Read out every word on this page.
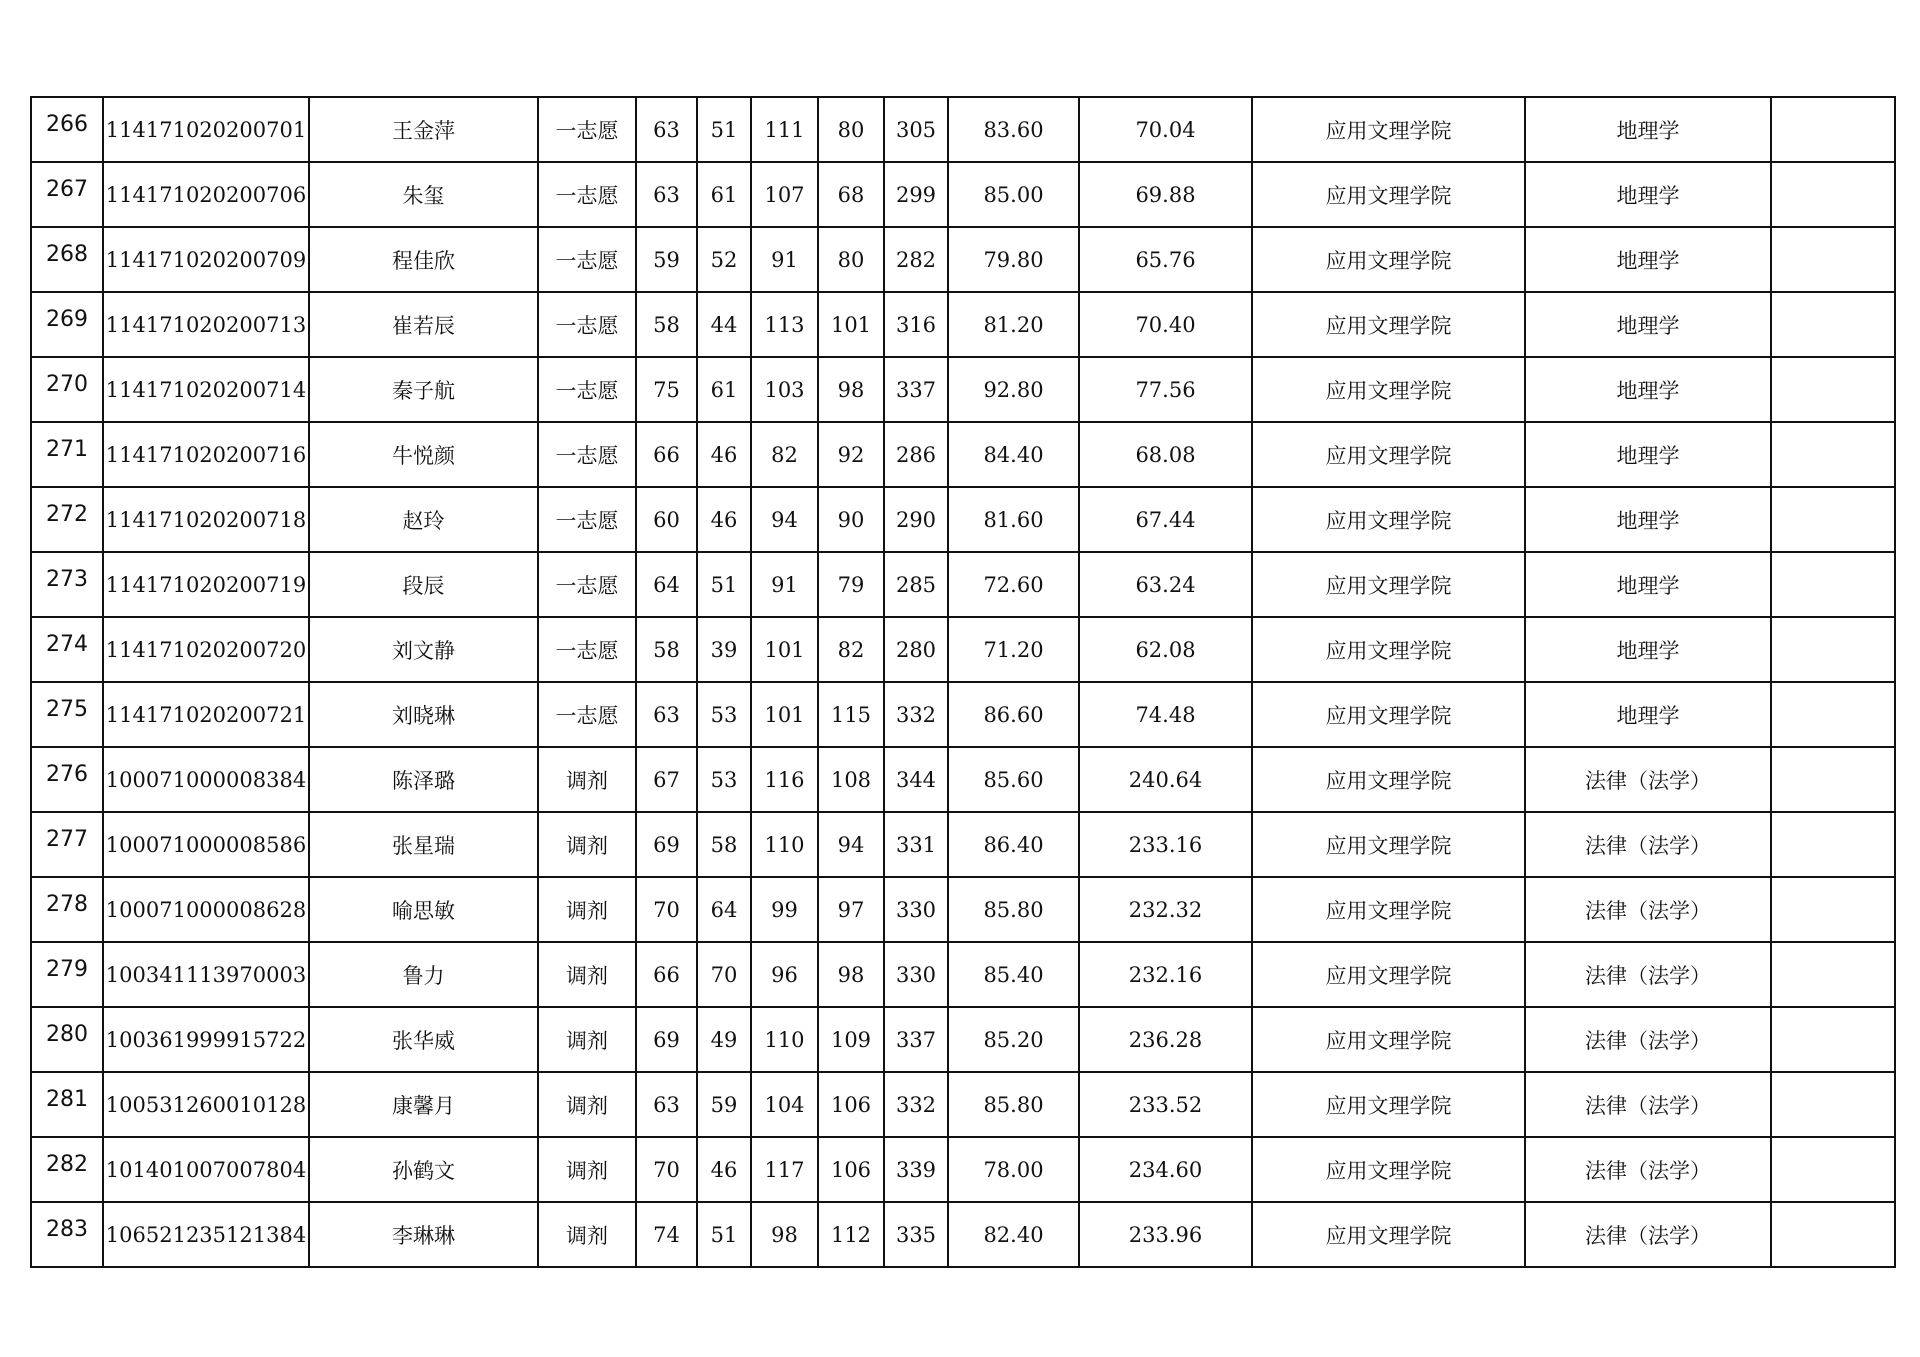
266	114171020200701	王金萍	一志愿	63	51	111	80	305	83.60	70.04	应用文理学院	地理学	
267	114171020200706	朱玺	一志愿	63	61	107	68	299	85.00	69.88	应用文理学院	地理学	
268	114171020200709	程佳欣	一志愿	59	52	91	80	282	79.80	65.76	应用文理学院	地理学	
269	114171020200713	崔若辰	一志愿	58	44	113	101	316	81.20	70.40	应用文理学院	地理学	
270	114171020200714	秦子航	一志愿	75	61	103	98	337	92.80	77.56	应用文理学院	地理学	
271	114171020200716	牛悦颜	一志愿	66	46	82	92	286	84.40	68.08	应用文理学院	地理学	
272	114171020200718	赵玲	一志愿	60	46	94	90	290	81.60	67.44	应用文理学院	地理学	
273	114171020200719	段辰	一志愿	64	51	91	79	285	72.60	63.24	应用文理学院	地理学	
274	114171020200720	刘文静	一志愿	58	39	101	82	280	71.20	62.08	应用文理学院	地理学	
275	114171020200721	刘晓琳	一志愿	63	53	101	115	332	86.60	74.48	应用文理学院	地理学	
276	100071000008384	陈泽璐	调剂	67	53	116	108	344	85.60	240.64	应用文理学院	法律（法学）	
277	100071000008586	张星瑞	调剂	69	58	110	94	331	86.40	233.16	应用文理学院	法律（法学）	
278	100071000008628	喻思敏	调剂	70	64	99	97	330	85.80	232.32	应用文理学院	法律（法学）	
279	100341113970003	鲁力	调剂	66	70	96	98	330	85.40	232.16	应用文理学院	法律（法学）	
280	100361999915722	张华威	调剂	69	49	110	109	337	85.20	236.28	应用文理学院	法律（法学）	
281	100531260010128	康馨月	调剂	63	59	104	106	332	85.80	233.52	应用文理学院	法律（法学）	
282	101401007007804	孙鹤文	调剂	70	46	117	106	339	78.00	234.60	应用文理学院	法律（法学）	
283	106521235121384	李琳琳	调剂	74	51	98	112	335	82.40	233.96	应用文理学院	法律（法学）	
